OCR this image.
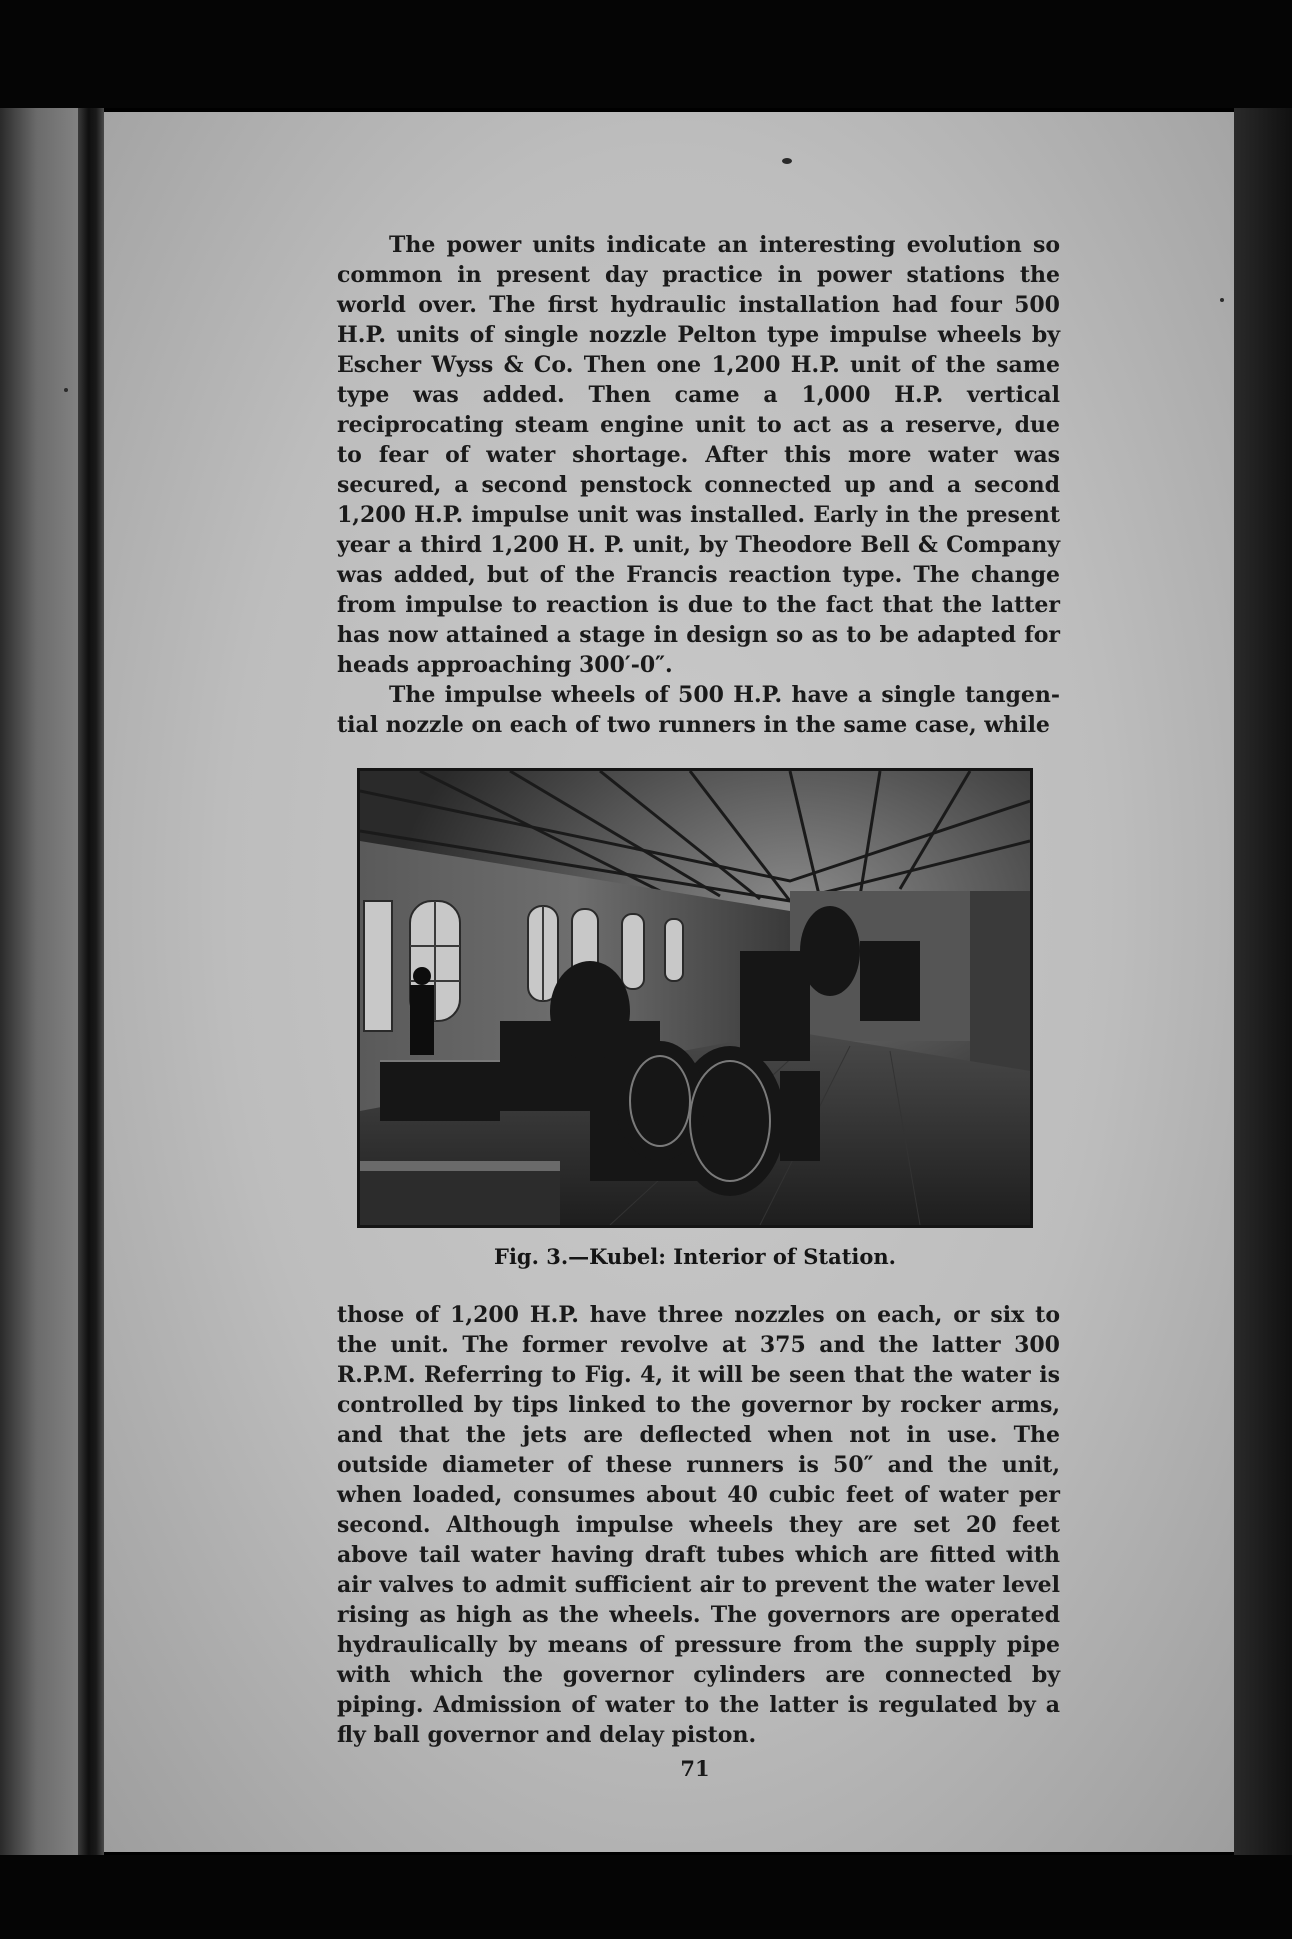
The power units indicate an interesting evolution so common in present day practice in power stations the world over. The first hydraulic installation had four 500 H.P. units of single nozzle Pelton type impulse wheels by Escher Wyss & Co. Then one 1,200 H.P. unit of the same type was added. Then came a 1,000 H.P. vertical reciprocating steam engine unit to act as a reserve, due to fear of water shortage. After this more water was secured, a second penstock connected up and a second 1,200 H.P. impulse unit was installed. Early in the present year a third 1,200 H. P. unit, by Theodore Bell & Company was added, but of the Francis reaction type. The change from impulse to reaction is due to the fact that the latter has now attained a stage in design so as to be adapted for heads approaching 300′-0″.

The impulse wheels of 500 H.P. have a single tangential nozzle on each of two runners in the same case, while

Fig. 3.—Kubel: Interior of Station.

those of 1,200 H.P. have three nozzles on each, or six to the unit. The former revolve at 375 and the latter 300 R.P.M. Referring to Fig. 4, it will be seen that the water is controlled by tips linked to the governor by rocker arms, and that the jets are deflected when not in use. The outside diameter of these runners is 50″ and the unit, when loaded, consumes about 40 cubic feet of water per second. Although impulse wheels they are set 20 feet above tail water having draft tubes which are fitted with air valves to admit sufficient air to prevent the water level rising as high as the wheels. The governors are operated hydraulically by means of pressure from the supply pipe with which the governor cylinders are connected by piping. Admission of water to the latter is regulated by a fly ball governor and delay piston.

71
